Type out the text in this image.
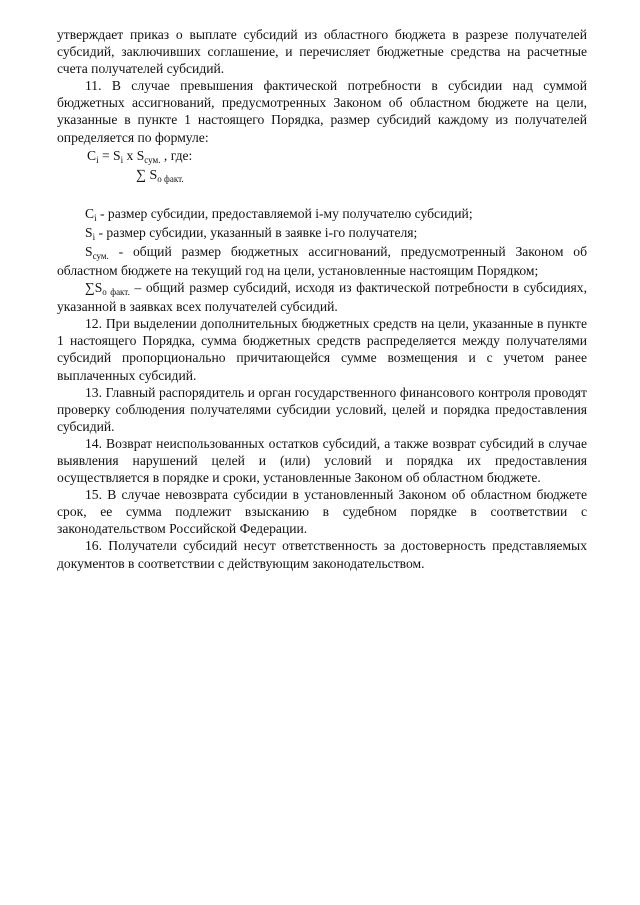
утверждает приказ о выплате субсидий из областного бюджета в разрезе получателей субсидий, заключивших соглашение, и перечисляет бюджетные средства на расчетные счета получателей субсидий.

11. В случае превышения фактической потребности в субсидии над суммой бюджетных ассигнований, предусмотренных Законом об областном бюджете на цели, указанные в пункте 1 настоящего Порядка, размер субсидий каждому из получателей определяется по формуле:

$C_i = S_i$ x $S_{сум.}$ , где:
∑ $S_{о факт.}$

$C_i$ - размер субсидии, предоставляемой i-му получателю субсидий;

$S_i$ - размер субсидии, указанный в заявке i-го получателя;

$S_{сум.}$ - общий размер бюджетных ассигнований, предусмотренный Законом об областном бюджете на текущий год на цели, установленные настоящим Порядком;

$\sum S_{о факт.}$ – общий размер субсидий, исходя из фактической потребности в субсидиях, указанной в заявках всех получателей субсидий.

12. При выделении дополнительных бюджетных средств на цели, указанные в пункте 1 настоящего Порядка, сумма бюджетных средств распределяется между получателями субсидий пропорционально причитающейся сумме возмещения и с учетом ранее выплаченных субсидий.

13. Главный распорядитель и орган государственного финансового контроля проводят проверку соблюдения получателями субсидии условий, целей и порядка предоставления субсидий.

14. Возврат неиспользованных остатков субсидий, а также возврат субсидий в случае выявления нарушений целей и (или) условий и порядка их предоставления осуществляется в порядке и сроки, установленные Законом об областном бюджете.

15. В случае невозврата субсидии в установленный Законом об областном бюджете срок, ее сумма подлежит взысканию в судебном порядке в соответствии с законодательством Российской Федерации.

16. Получатели субсидий несут ответственность за достоверность представляемых документов в соответствии с действующим законодательством.
